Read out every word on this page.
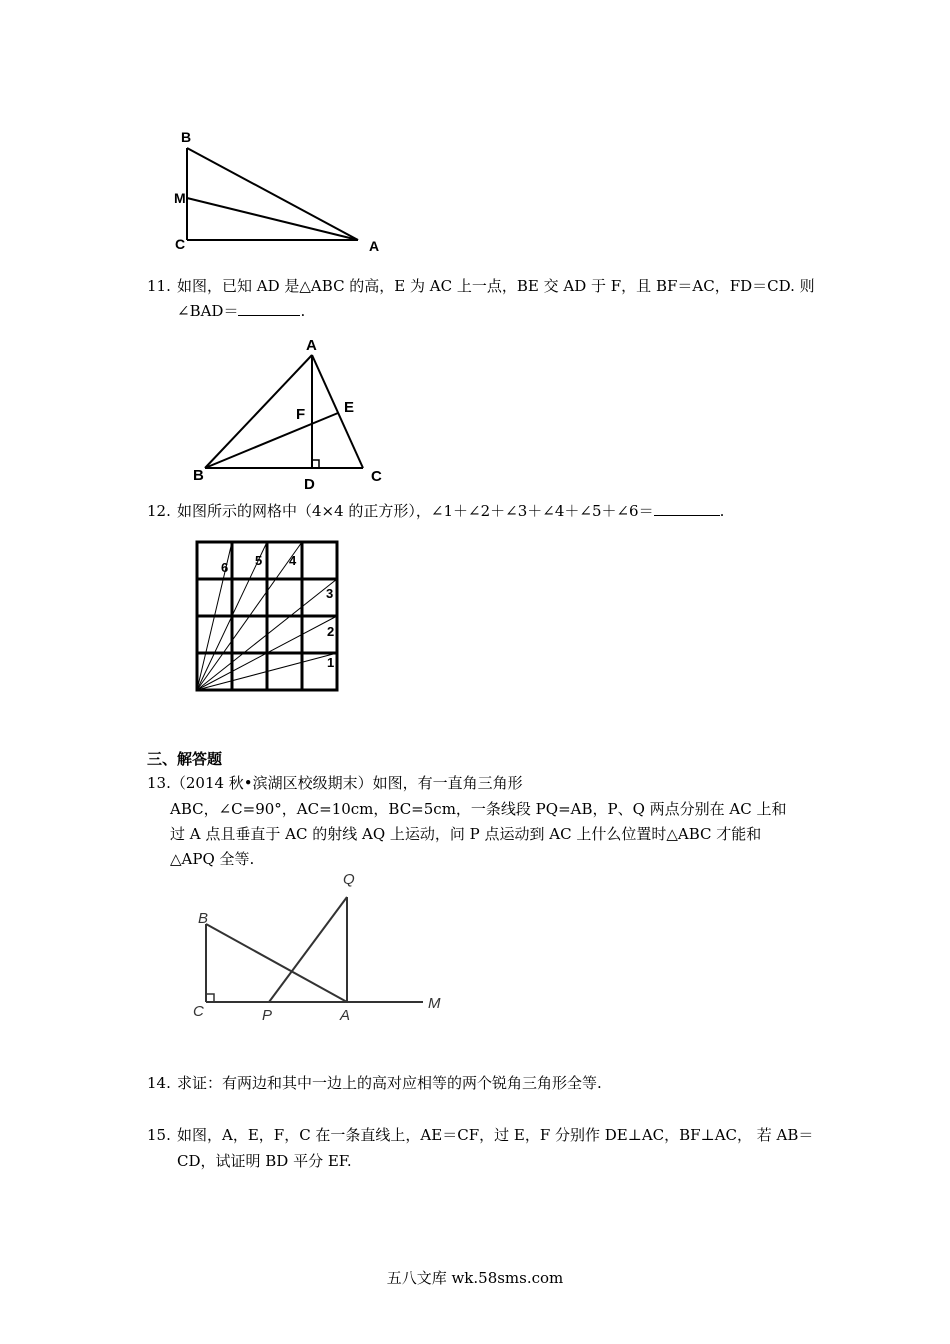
B
M
C	A
11. 如图，已知 AD 是△ABC 的高，E 为 AC 上一点，BE 交 AD 于 F，且 BF＝AC，FD＝CD. 则
∠BAD＝	.
A
B	C
D
E
F
12. 如图所示的网格中（4×4 的正方形），∠1＋∠2＋∠3＋∠4＋∠5＋∠6＝	.
1
2
3
4
5
6
三、解答题
13.（2014 秋•滨湖区校级期末）如图，有一直角三角形
ABC，∠C=90°，AC=10cm，BC=5cm，一条线段 PQ=AB，P、Q 两点分别在 AC 上和
过 A 点且垂直于 AC 的射线 AQ 上运动，问 P 点运动到 AC 上什么位置时△ABC 才能和
△APQ 全等.
Q
B
C	P	A
M
14. 求证：有两边和其中一边上的高对应相等的两个锐角三角形全等.
15. 如图，A，E，F，C 在一条直线上，AE＝CF，过 E，F 分别作 DE⊥AC，BF⊥AC， 若 AB＝
CD，试证明 BD 平分 EF.
五八文库 wk.58sms.com
